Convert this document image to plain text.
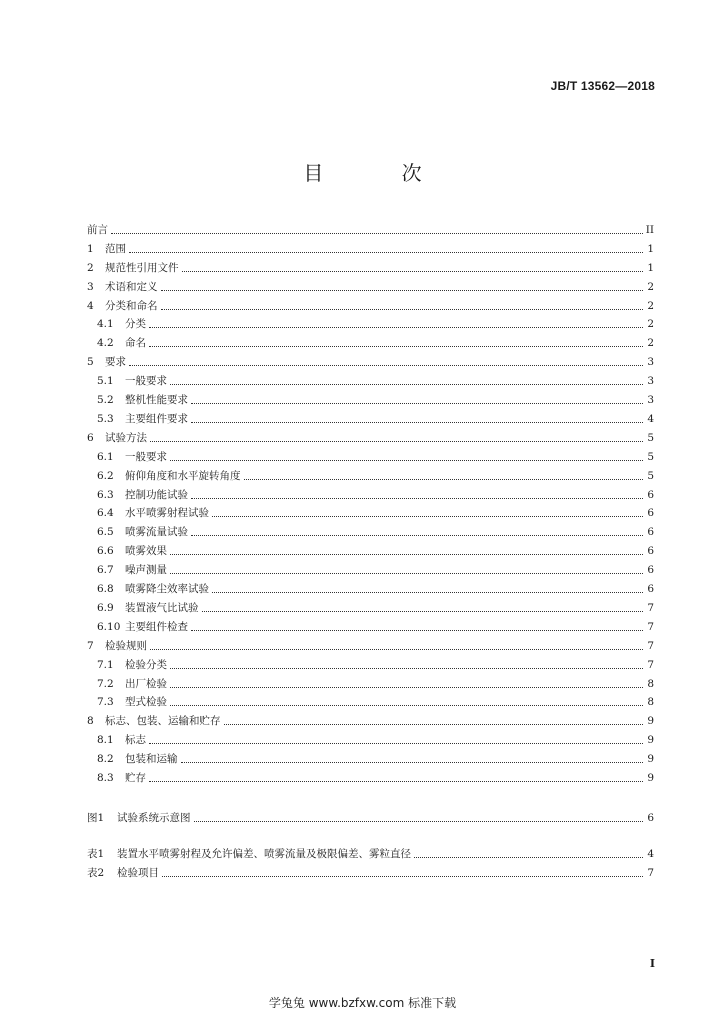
JB/T 13562—2018
目 次
前言	II
1	范围	1
2	规范性引用文件	1
3	术语和定义	2
4	分类和命名	2
4.1	分类	2
4.2	命名	2
5	要求	3
5.1	一般要求	3
5.2	整机性能要求	3
5.3	主要组件要求	4
6	试验方法	5
6.1	一般要求	5
6.2	俯仰角度和水平旋转角度	5
6.3	控制功能试验	6
6.4	水平喷雾射程试验	6
6.5	喷雾流量试验	6
6.6	喷雾效果	6
6.7	噪声测量	6
6.8	喷雾降尘效率试验	6
6.9	装置液气比试验	7
6.10 主要组件检查	7
7	检验规则	7
7.1	检验分类	7
7.2	出厂检验	8
7.3	型式检验	8
8	标志、包装、运输和贮存	9
8.1	标志	9
8.2	包装和运输	9
8.3	贮存	9
图1	试验系统示意图	6
表1	装置水平喷雾射程及允许偏差、喷雾流量及极限偏差、雾粒直径	4
表2	检验项目	7
I
学兔兔 www.bzfxw.com 标准下载
